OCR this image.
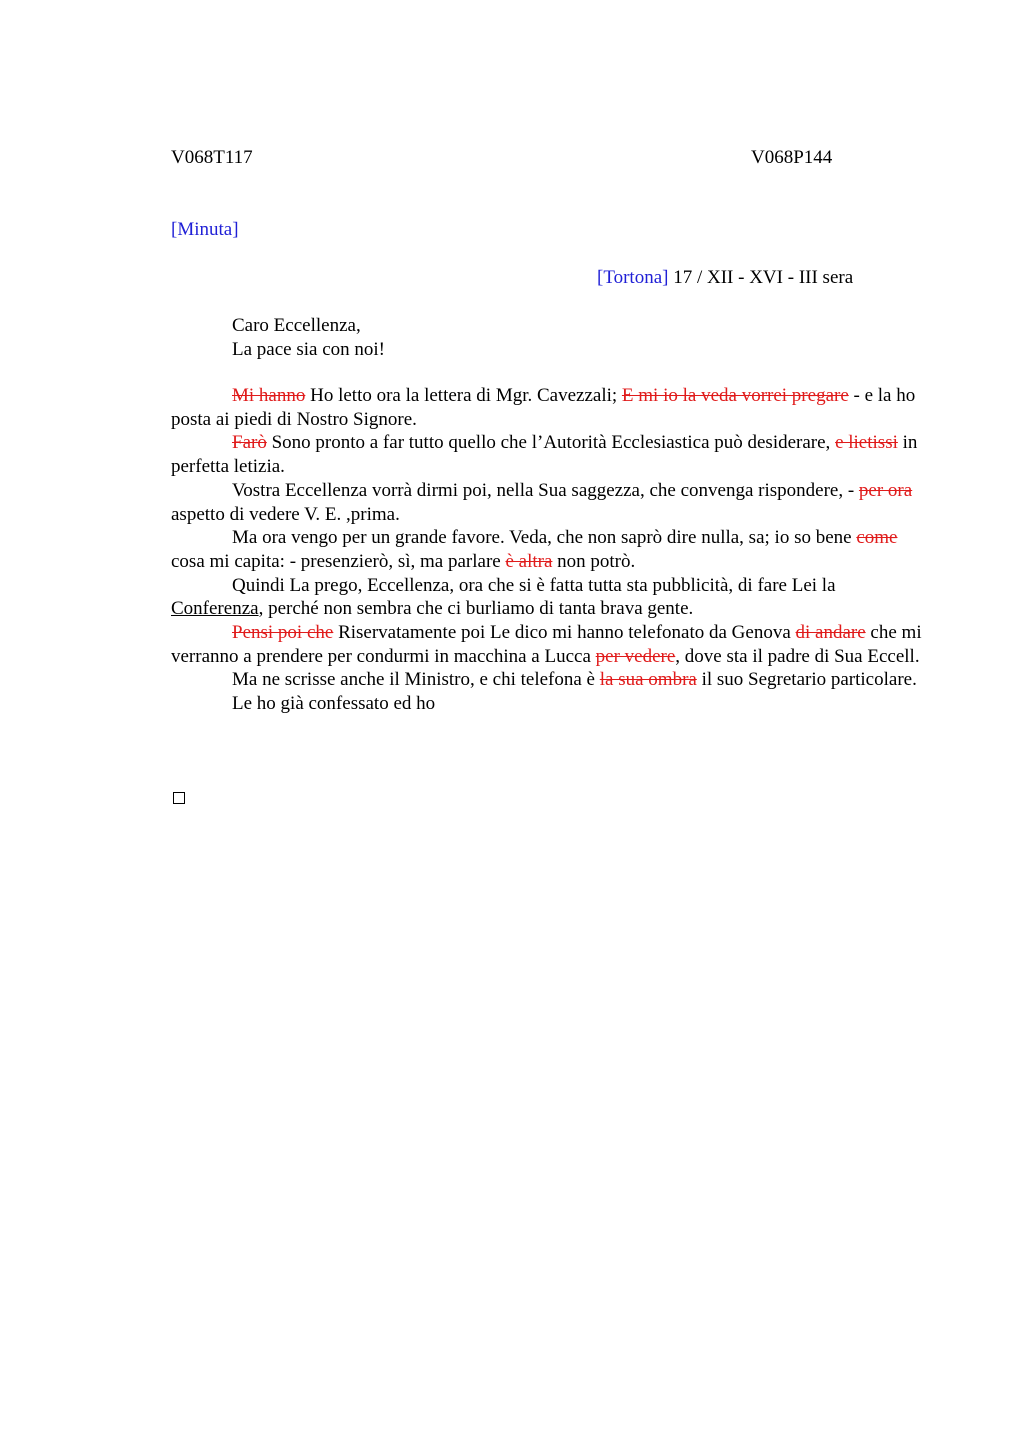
V068T117	V068P144
[Minuta]
[Tortona] 17 / XII - XVI - III sera
Caro Eccellenza,
La pace sia con noi!

Mi hanno Ho letto ora la lettera di Mgr. Cavezzali; E mi io la veda vorrei pregare - e la ho posta ai piedi di Nostro Signore.

Farò Sono pronto a far tutto quello che l’Autorità Ecclesiastica può desiderare, e lietissi in perfetta letizia.

Vostra Eccellenza vorrà dirmi poi, nella Sua saggezza, che convenga rispondere, - per ora aspetto di vedere V. E. ,prima.

Ma ora vengo per un grande favore. Veda, che non saprò dire nulla, sa; io so bene come cosa mi capita: - presenzierò, sì, ma parlare è altra non potrò.

Quindi La prego, Eccellenza, ora che si è fatta tutta sta pubblicità, di fare Lei la Conferenza, perché non sembra che ci burliamo di tanta brava gente.

Pensi poi che Riservatamente poi Le dico mi hanno telefonato da Genova di andare che mi verranno a prendere per condurmi in macchina a Lucca per vedere, dove sta il padre di Sua Eccell.

Ma ne scrisse anche il Ministro, e chi telefona è la sua ombra il suo Segretario particolare.

Le ho già confessato ed ho
